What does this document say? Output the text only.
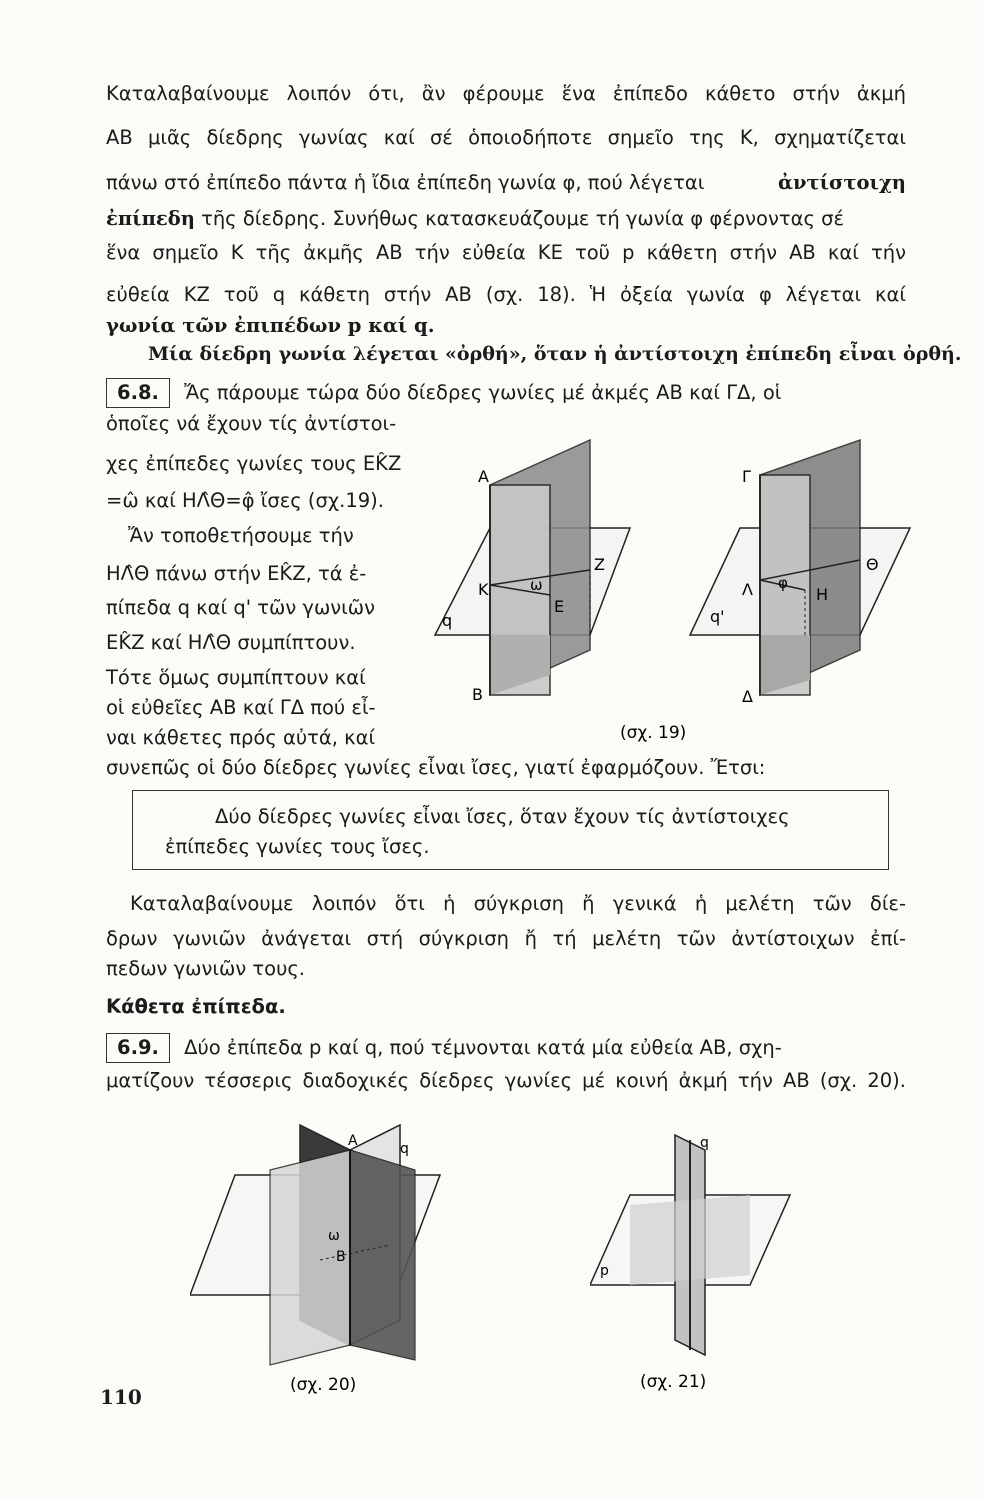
Καταλαβαίνουμε λοιπόν ότι, ἂν φέρουμε ἕνα ἐπίπεδο κάθετο στήν ἀκμή
AB μιᾶς δίεδρης γωνίας καί σέ ὁποιοδήποτε σημεῖο της K, σχηματίζεται
πάνω στό ἐπίπεδο πάντα ἡ ἴδια ἐπίπεδη γωνία φ, πού λέγεται	ἀντίστοιχη
ἐπίπεδη τῆς δίεδρης. Συνήθως κατασκευάζουμε τή γωνία φ φέρνοντας σέ
ἕνα σημεῖο K τῆς ἀκμῆς AB τήν εὐθεία KE τοῦ p κάθετη στήν AB καί τήν
εὐθεία KZ τοῦ q κάθετη στήν AB (σχ. 18). Ἡ ὀξεία γωνία φ λέγεται καί
γωνία τῶν ἐπιπέδων p καί q.
Μία δίεδρη γωνία λέγεται «ὀρθή», ὅταν ἡ ἀντίστοιχη ἐπίπεδη εἶναι ὀρθή.
6.8. Ἄς πάρουμε τώρα δύο δίεδρες γωνίες μέ ἀκμές AB καί ΓΔ, οἱ
ὁποῖες νά ἔχουν τίς ἀντίστοι-
χες ἐπίπεδες γωνίες τους EK̂Z
=ω̂ καί HΛ̂Θ=φ̂ ἴσες (σχ.19).
Ἄν τοποθετήσουμε τήν
HΛ̂Θ πάνω στήν EK̂Z, τά ἐ-
πίπεδα q καί q' τῶν γωνιῶν
EK̂Z καί HΛ̂Θ συμπίπτουν.
Τότε ὅμως συμπίπτουν καί
οἱ εὐθεῖες AB καί ΓΔ πού εἶ-
ναι κάθετες πρός αὐτά, καί
συνεπῶς οἱ δύο δίεδρες γωνίες εἶναι ἴσες, γιατί ἐφαρμόζουν. Ἔτσι:
A
K
Z
ω
E
q
B
Γ
Θ
Λ φ
H
q'
Δ
(σχ. 19)
Δύο δίεδρες γωνίες εἶναι ἴσες, ὅταν ἔχουν τίς ἀντίστοιχες
ἐπίπεδες γωνίες τους ἴσες.
Καταλαβαίνουμε λοιπόν ὅτι ἡ σύγκριση ἤ γενικά ἡ μελέτη τῶν δίε-
δρων γωνιῶν ἀνάγεται στή σύγκριση ἤ τή μελέτη τῶν ἀντίστοιχων ἐπί-
πεδων γωνιῶν τους.
Κάθετα ἐπίπεδα.
6.9. Δύο ἐπίπεδα p καί q, πού τέμνονται κατά μία εὐθεία AB, σχη-
ματίζουν τέσσερις διαδοχικές δίεδρες γωνίες μέ κοινή ἀκμή τήν AB (σχ. 20).
A	q
ω
B
(σχ. 20)
q
p
(σχ. 21)
110
